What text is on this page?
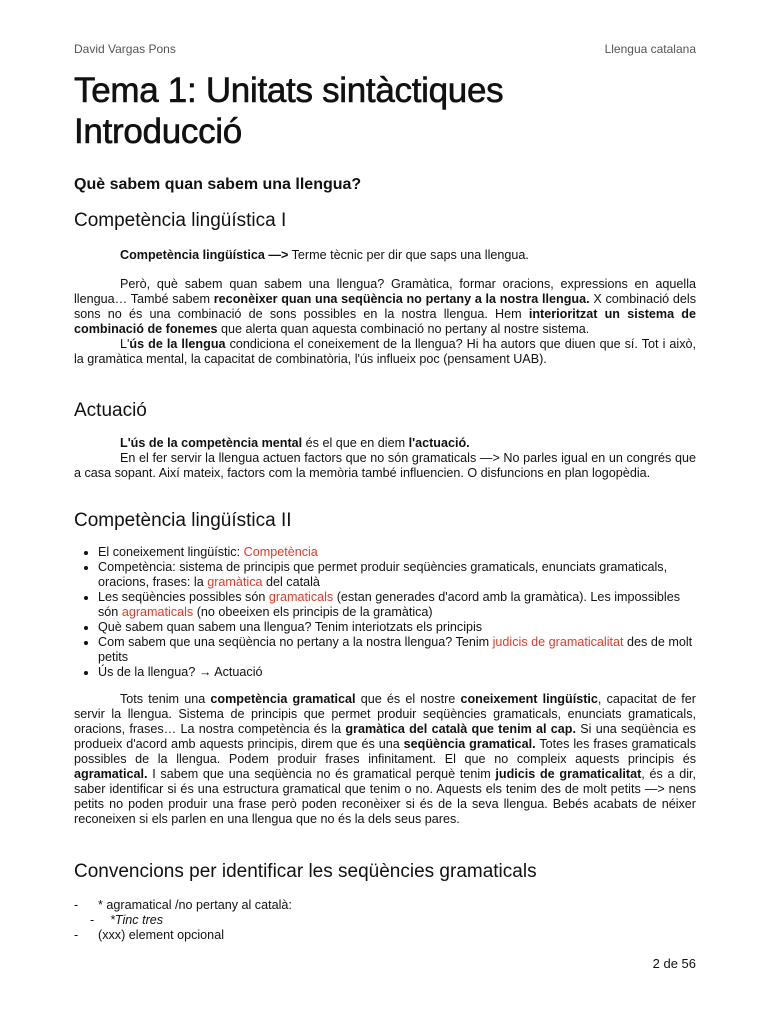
David Vargas Pons	Llengua catalana
Tema 1: Unitats sintàctiques
Introducció
Què sabem quan sabem una llengua?
Competència lingüística I

Competència lingüística —> Terme tècnic per dir que saps una llengua.

Però, què sabem quan sabem una llengua? Gramàtica, formar oracions, expressions en aquella llengua… També sabem reconèixer quan una seqüència no pertany a la nostra llengua. X combinació dels sons no és una combinació de sons possibles en la nostra llengua. Hem interioritzat un sistema de combinació de fonemes que alerta quan aquesta combinació no pertany al nostre sistema.

L'ús de la llengua condiciona el coneixement de la llengua? Hi ha autors que diuen que sí. Tot i això, la gramàtica mental, la capacitat de combinatòria, l'ús influeix poc (pensament UAB).

Actuació

L'ús de la competència mental és el que en diem l'actuació.

En el fer servir la llengua actuen factors que no són gramaticals —> No parles igual en un congrés que a casa sopant. Així mateix, factors com la memòria també influencien. O disfuncions en plan logopèdia.

Competència lingüística II
• El coneixement lingüístic: Competència
• Competència: sistema de principis que permet produir seqüències gramaticals, enunciats gramaticals, oracions, frases: la gramàtica del català
• Les seqüències possibles són gramaticals (estan generades d'acord amb la gramàtica). Les impossibles són agramaticals (no obeeixen els principis de la gramàtica)
• Què sabem quan sabem una llengua? Tenim interiotzats els principis
• Com sabem que una seqüència no pertany a la nostra llengua? Tenim judicis de gramaticalitat des de molt petits
• Ús de la llengua? → Actuació

Tots tenim una competència gramatical que és el nostre coneixement lingüístic, capacitat de fer servir la llengua. Sistema de principis que permet produir seqüències gramaticals, enunciats gramaticals, oracions, frases… La nostra competència és la gramàtica del català que tenim al cap. Si una seqüència es produeix d'acord amb aquests principis, direm que és una seqüència gramatical. Totes les frases gramaticals possibles de la llengua. Podem produir frases infinitament. El que no compleix aquests principis és agramatical. I sabem que una seqüència no és gramatical perquè tenim judicis de gramaticalitat, és a dir, saber identificar si és una estructura gramatical que tenim o no. Aquests els tenim des de molt petits —> nens petits no poden produir una frase però poden reconèixer si és de la seva llengua. Bebés acabats de néixer reconeixen si els parlen en una llengua que no és la dels seus pares.

Convencions per identificar les seqüències gramaticals
- * agramatical /no pertany al català:
- *Tinc tres
- (xxx) element opcional
2 de 56
